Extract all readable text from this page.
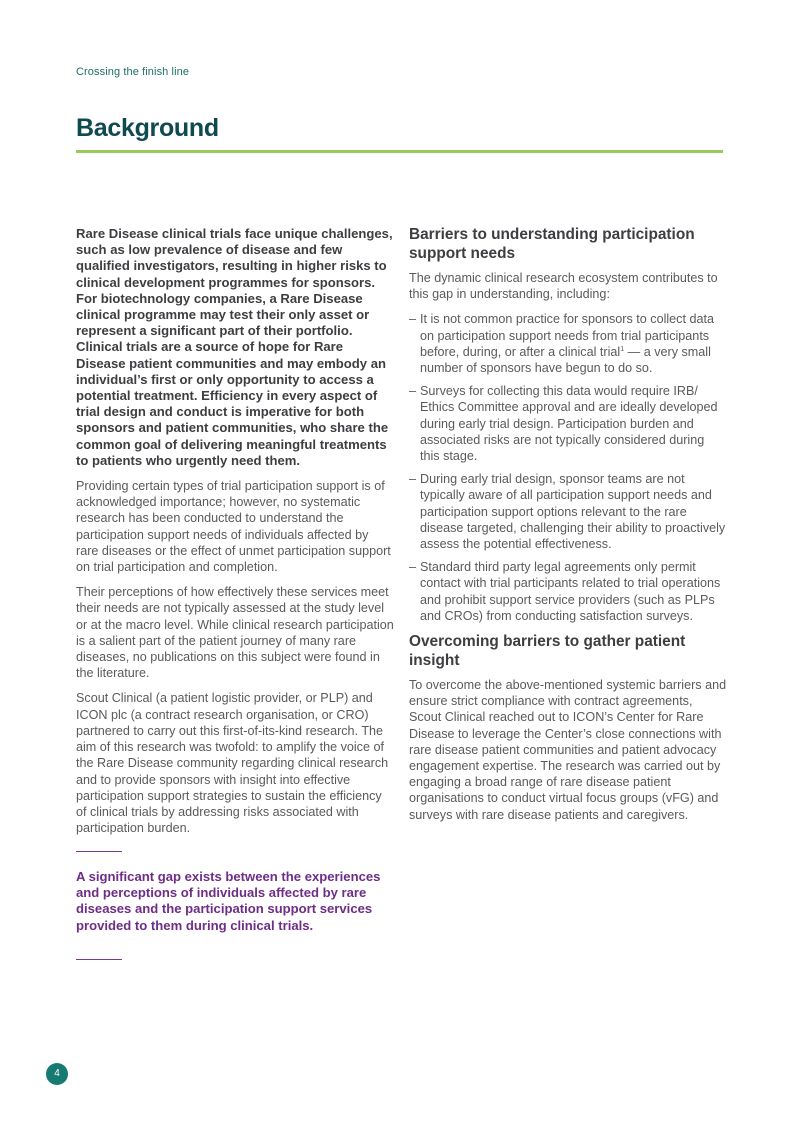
Crossing the finish line
Background

Rare Disease clinical trials face unique challenges, such as low prevalence of disease and few qualified investigators, resulting in higher risks to clinical development programmes for sponsors. For biotechnology companies, a Rare Disease clinical programme may test their only asset or represent a significant part of their portfolio. Clinical trials are a source of hope for Rare Disease patient communities and may embody an individual’s first or only opportunity to access a potential treatment. Efficiency in every aspect of trial design and conduct is imperative for both sponsors and patient communities, who share the common goal of delivering meaningful treatments to patients who urgently need them.

Providing certain types of trial participation support is of acknowledged importance; however, no systematic research has been conducted to understand the participation support needs of individuals affected by rare diseases or the effect of unmet participation support on trial participation and completion.

Their perceptions of how effectively these services meet their needs are not typically assessed at the study level or at the macro level. While clinical research participation is a salient part of the patient journey of many rare diseases, no publications on this subject were found in the literature.

Scout Clinical (a patient logistic provider, or PLP) and ICON plc (a contract research organisation, or CRO) partnered to carry out this first-of-its-kind research. The aim of this research was twofold: to amplify the voice of the Rare Disease community regarding clinical research and to provide sponsors with insight into effective participation support strategies to sustain the efficiency of clinical trials by addressing risks associated with participation burden.

A significant gap exists between the experiences and perceptions of individuals affected by rare diseases and the participation support services provided to them during clinical trials.

Barriers to understanding participation support needs

The dynamic clinical research ecosystem contributes to this gap in understanding, including:

– It is not common practice for sponsors to collect data on participation support needs from trial participants before, during, or after a clinical trial$^1$ — a very small number of sponsors have begun to do so.
– Surveys for collecting this data would require IRB/ Ethics Committee approval and are ideally developed during early trial design. Participation burden and associated risks are not typically considered during this stage.
– During early trial design, sponsor teams are not typically aware of all participation support needs and participation support options relevant to the rare disease targeted, challenging their ability to proactively assess the potential effectiveness.
– Standard third party legal agreements only permit contact with trial participants related to trial operations and prohibit support service providers (such as PLPs and CROs) from conducting satisfaction surveys.
Overcoming barriers to gather patient insight

To overcome the above-mentioned systemic barriers and ensure strict compliance with contract agreements, Scout Clinical reached out to ICON’s Center for Rare Disease to leverage the Center’s close connections with rare disease patient communities and patient advocacy engagement expertise. The research was carried out by engaging a broad range of rare disease patient organisations to conduct virtual focus groups (vFG) and surveys with rare disease patients and caregivers.

4
